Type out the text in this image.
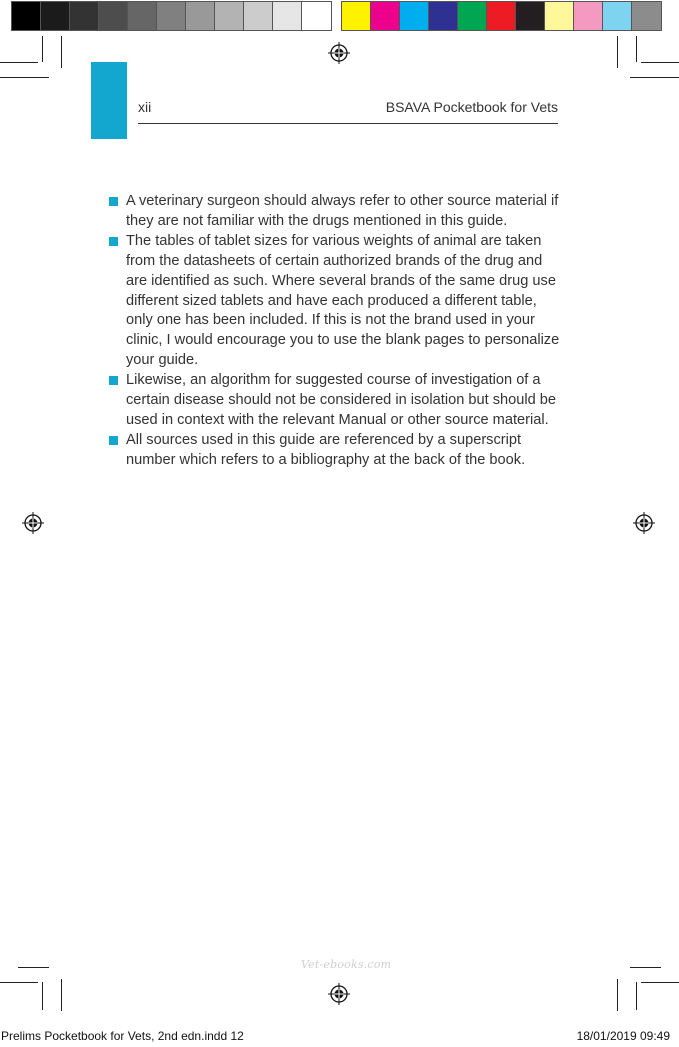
xii	BSAVA Pocketbook for Vets
A veterinary surgeon should always refer to other source material if they are not familiar with the drugs mentioned in this guide.
The tables of tablet sizes for various weights of animal are taken from the datasheets of certain authorized brands of the drug and are identified as such. Where several brands of the same drug use different sized tablets and have each produced a different table, only one has been included. If this is not the brand used in your clinic, I would encourage you to use the blank pages to personalize your guide.
Likewise, an algorithm for suggested course of investigation of a certain disease should not be considered in isolation but should be used in context with the relevant Manual or other source material.
All sources used in this guide are referenced by a superscript number which refers to a bibliography at the back of the book.
Vet-ebooks.com
Prelims Pocketbook for Vets, 2nd edn.indd 12	18/01/2019 09:49
